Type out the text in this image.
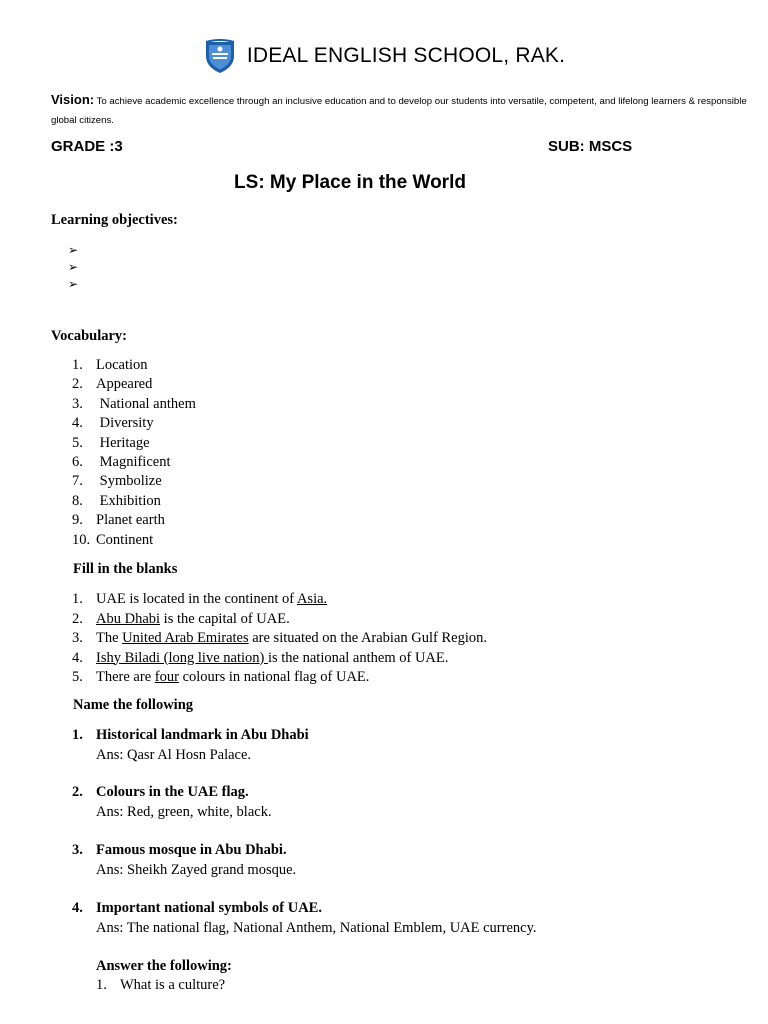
IDEAL ENGLISH SCHOOL, RAK.
Vision: To achieve academic excellence through an inclusive education and to develop our students into versatile, competent, and lifelong learners & responsible global citizens.
GRADE :3	SUB: MSCS
LS: My Place in the World
Learning objectives:
➢
➢
➢
Vocabulary:
1. Location
2. Appeared
3. National anthem
4. Diversity
5. Heritage
6. Magnificent
7. Symbolize
8. Exhibition
9. Planet earth
10. Continent
Fill in the blanks
1. UAE is located in the continent of Asia.
2. Abu Dhabi is the capital of UAE.
3. The United Arab Emirates are situated on the Arabian Gulf Region.
4. Ishy Biladi (long live nation) is the national anthem of UAE.
5. There are four colours in national flag of UAE.
Name the following
1. Historical landmark in Abu Dhabi
Ans: Qasr Al Hosn Palace.
2. Colours in the UAE flag.
Ans: Red, green, white, black.
3. Famous mosque in Abu Dhabi.
Ans: Sheikh Zayed grand mosque.
4. Important national symbols of UAE.
Ans: The national flag, National Anthem, National Emblem, UAE currency.
Answer the following:
1. What is a culture?
